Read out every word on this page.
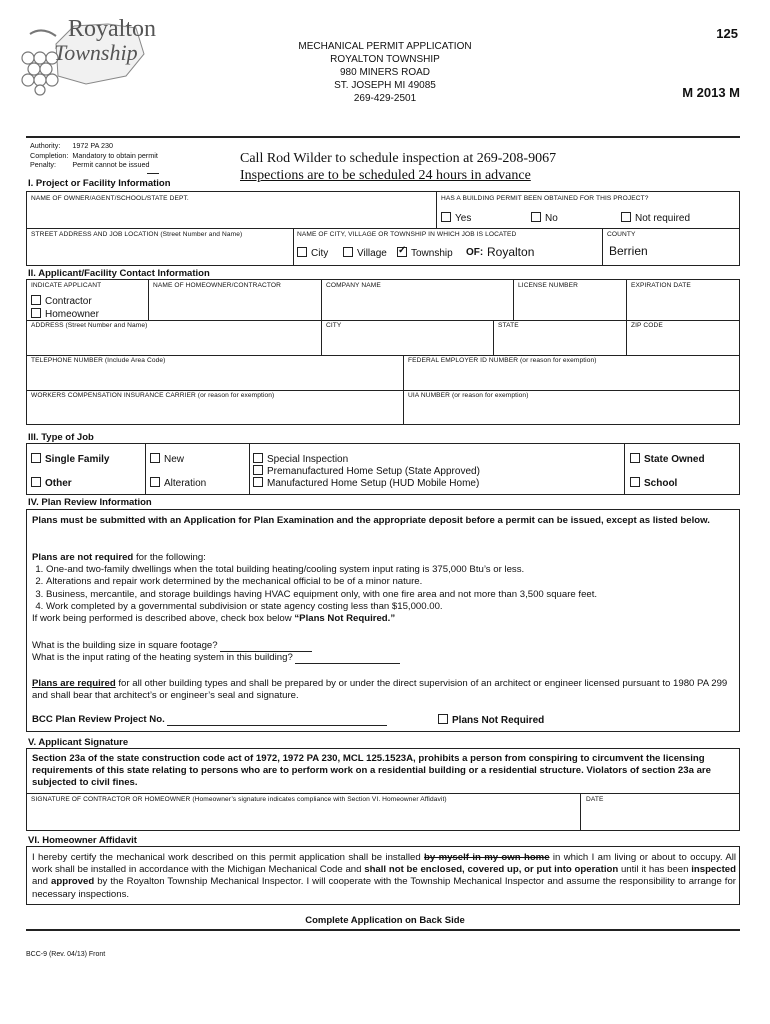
Royalton
Township	MECHANICAL PERMIT APPLICATION
ROYALTON TOWNSHIP
980 MINERS ROAD
ST. JOSEPH MI 49085
269-429-2501
125
M 2013 M
Authority:	1972 PA 230
Completion:	Mandatory to obtain permit
Penalty:	Permit cannot be issued	Call Rod Wilder to schedule inspection at 269-208-9067
Inspections are to be scheduled 24 hours in advance
I. Project or Facility Information
NAME OF OWNER/AGENT/SCHOOL/STATE DEPT.	HAS A BUILDING PERMIT BEEN OBTAINED FOR THIS PROJECT?
Yes	No	Not required
STREET ADDRESS AND JOB LOCATION (Street Number and Name)	NAME OF CITY, VILLAGE OR TOWNSHIP IN WHICH JOB IS LOCATED	COUNTY
City	Village ✓	Township OF: Royalton	Berrien
II. Applicant/Facility Contact Information
INDICATE APPLICANT
Contractor
Homeowner
NAME OF HOMEOWNER/CONTRACTOR	COMPANY NAME	LICENSE NUMBER	EXPIRATION DATE
ADDRESS (Street Number and Name)	CITY	STATE	ZIP CODE
TELEPHONE NUMBER (Include Area Code)	FEDERAL EMPLOYER ID NUMBER (or reason for exemption)
WORKERS COMPENSATION INSURANCE CARRIER (or reason for exemption)	UIA NUMBER (or reason for exemption)
III. Type of Job
Single Family
Other
New
Alteration
Special Inspection
Premanufactured Home Setup (State Approved)
Manufactured Home Setup (HUD Mobile Home)
State Owned
School
IV. Plan Review Information
Plans must be submitted with an Application for Plan Examination and the appropriate deposit before a permit can be issued, except as listed below.
Plans are not required for the following:
1. One-and two-family dwellings when the total building heating/cooling system input rating is 375,000 Btu’s or less.
2. Alterations and repair work determined by the mechanical official to be of a minor nature.
3. Business, mercantile, and storage buildings having HVAC equipment only, with one fire area and not more than 3,500 square feet.
4. Work completed by a governmental subdivision or state agency costing less than $15,000.00.
If work being performed is described above, check box below “Plans Not Required.”
What is the building size in square footage?
What is the input rating of the heating system in this building?
Plans are required for all other building types and shall be prepared by or under the direct supervision of an architect or engineer licensed pursuant to 1980 PA 299 and shall bear that architect’s or engineer’s seal and signature.
BCC Plan Review Project No.	Plans Not Required
V. Applicant Signature
Section 23a of the state construction code act of 1972, 1972 PA 230, MCL 125.1523A, prohibits a person from conspiring to circumvent the licensing requirements of this state relating to persons who are to perform work on a residential building or a residential structure. Violators of section 23a are subjected to civil fines.
SIGNATURE OF CONTRACTOR OR HOMEOWNER (Homeowner’s signature indicates compliance with Section VI. Homeowner Affidavit)	DATE
VI. Homeowner Affidavit
I hereby certify the mechanical work described on this permit application shall be installed by myself in my own home in which I am living or about to occupy. All work shall be installed in accordance with the Michigan Mechanical Code and shall not be enclosed, covered up, or put into operation until it has been inspected and approved by the Royalton Township Mechanical Inspector. I will cooperate with the Township Mechanical Inspector and assume the responsibility to arrange for necessary inspections.
Complete Application on Back Side
BCC-9 (Rev. 04/13) Front
